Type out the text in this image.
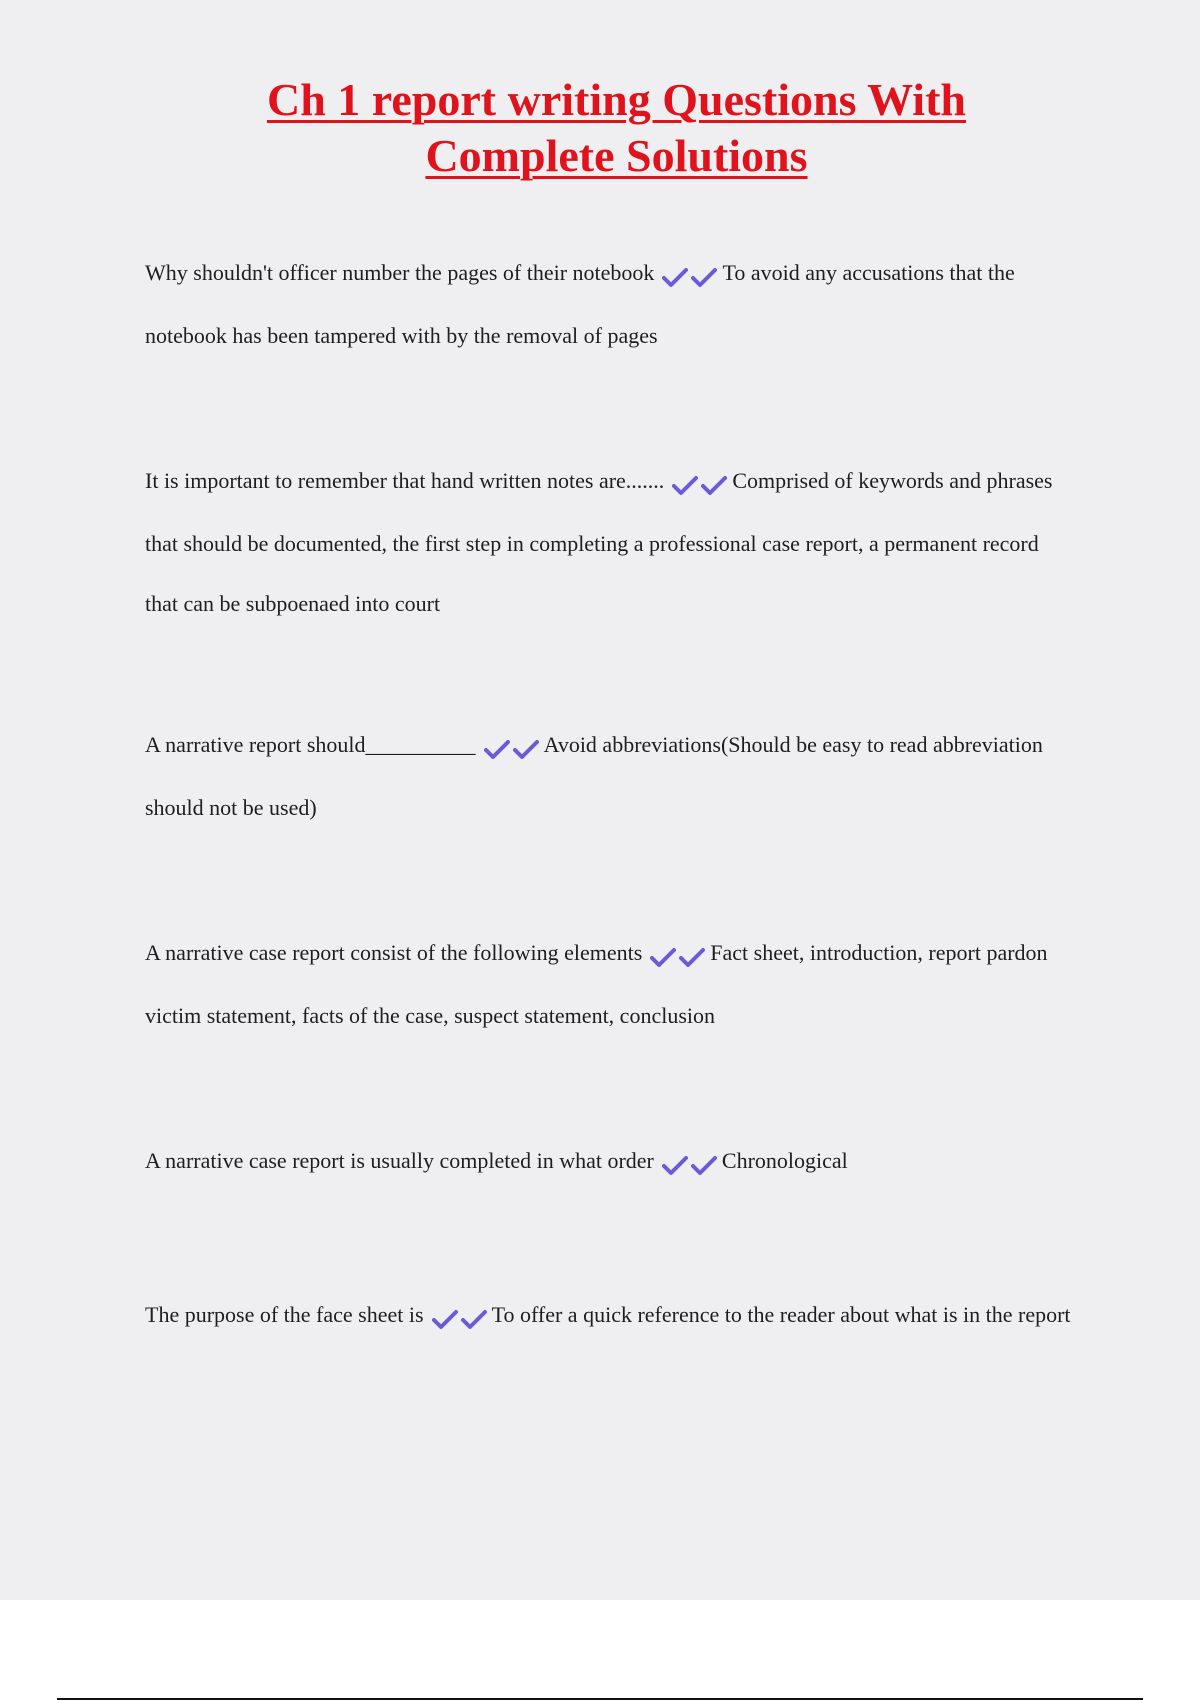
Ch 1 report writing Questions With
Complete Solutions

Why shouldn't officer number the pages of their notebook	To avoid any accusations that the notebook has been tampered with by the removal of pages

It is important to remember that hand written notes are.......	Comprised of keywords and phrases that should be documented, the first step in completing a professional case report, a permanent record that can be subpoenaed into court

A narrative report should__________	Avoid abbreviations(Should be easy to read abbreviation should not be used)

A narrative case report consist of the following elements	Fact sheet, introduction, report pardon victim statement, facts of the case, suspect statement, conclusion

A narrative case report is usually completed in what order	Chronological

The purpose of the face sheet is	To offer a quick reference to the reader about what is in the report
